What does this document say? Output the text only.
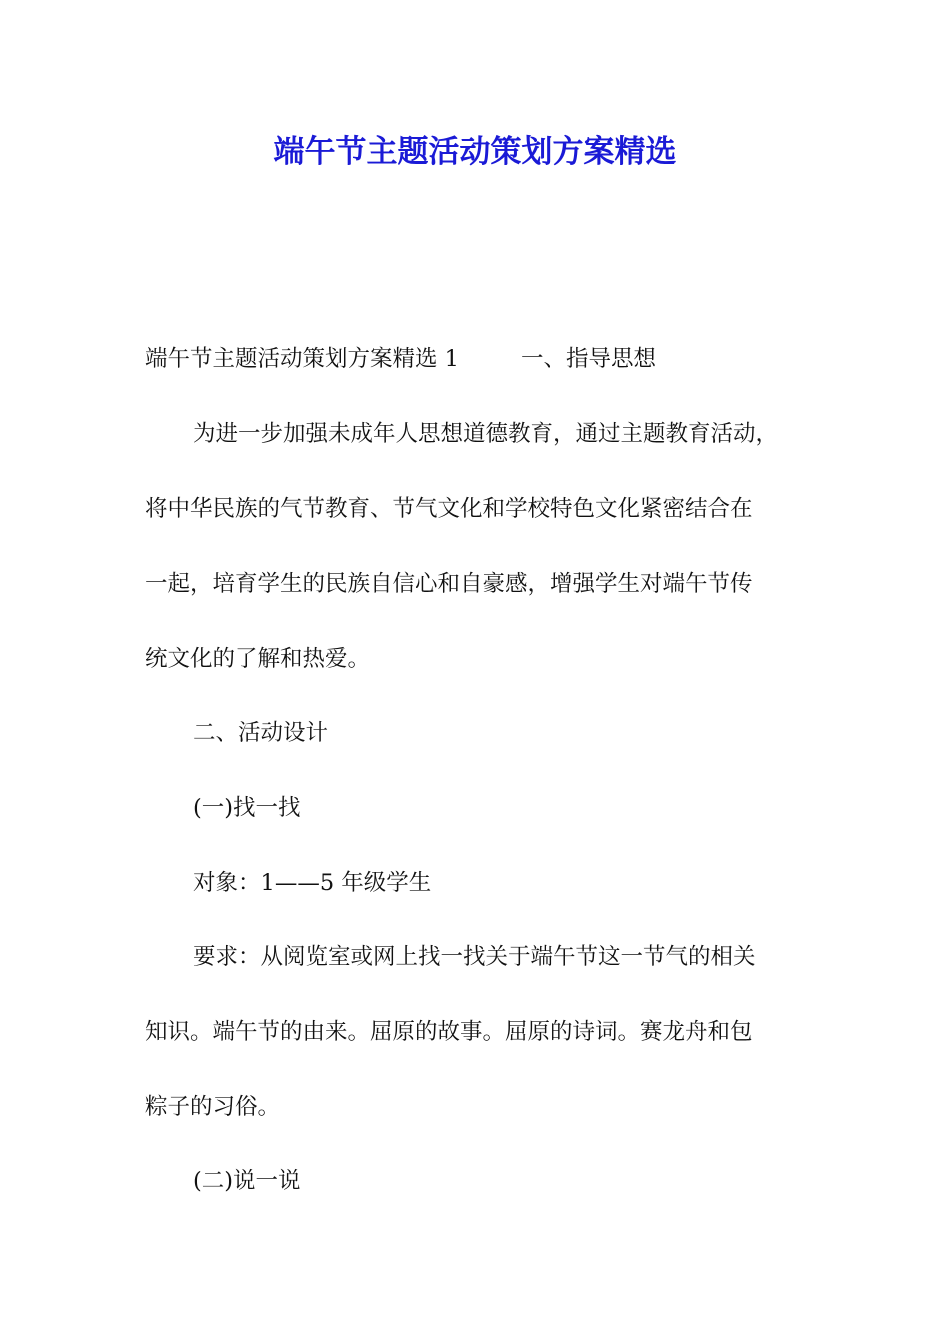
端午节主题活动策划方案精选

端午节主题活动策划方案精选 1	一、指导思想

为进一步加强未成年人思想道德教育，通过主题教育活动，

将中华民族的气节教育、节气文化和学校特色文化紧密结合在

一起，培育学生的民族自信心和自豪感，增强学生对端午节传

统文化的了解和热爱。

二、活动设计

(一)找一找

对象：1——5 年级学生

要求：从阅览室或网上找一找关于端午节这一节气的相关

知识。端午节的由来。屈原的故事。屈原的诗词。赛龙舟和包

粽子的习俗。

(二)说一说
